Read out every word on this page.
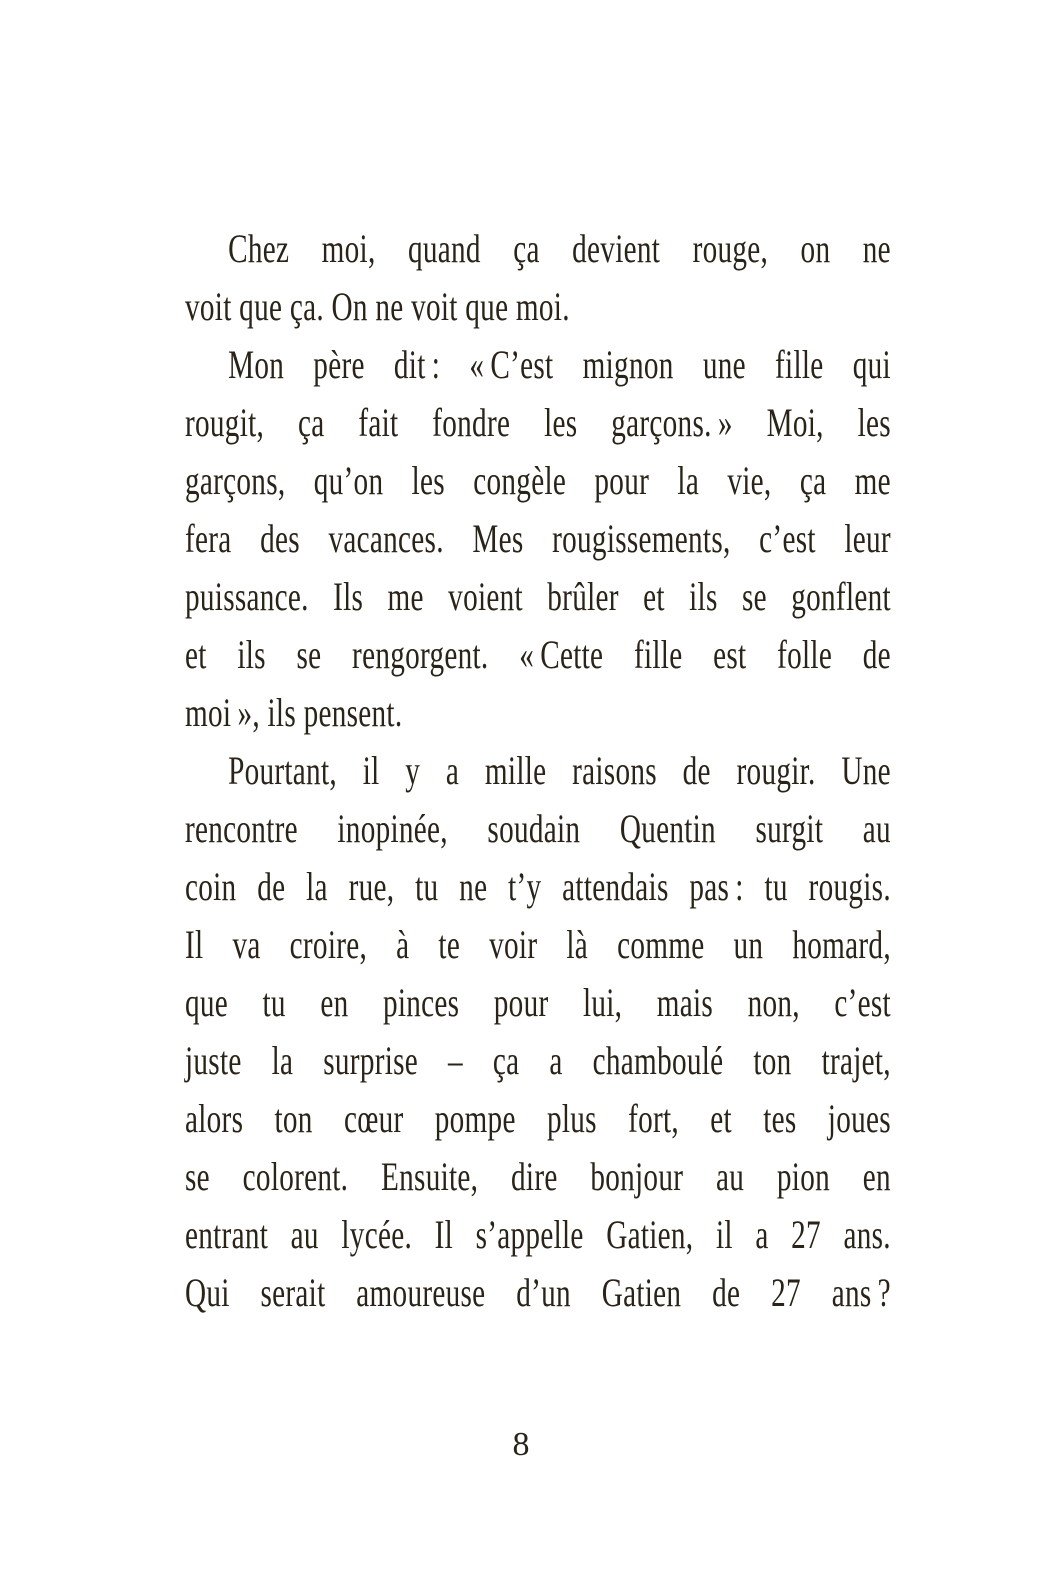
Chez moi, quand ça devient rouge, on ne
voit que ça. On ne voit que moi.
Mon père dit : « C’est mignon une fille qui
rougit, ça fait fondre les garçons. » Moi, les
garçons, qu’on les congèle pour la vie, ça me
fera des vacances. Mes rougissements, c’est leur
puissance. Ils me voient brûler et ils se gonflent
et ils se rengorgent. « Cette fille est folle de
moi », ils pensent.
Pourtant, il y a mille raisons de rougir. Une
rencontre inopinée, soudain Quentin surgit au
coin de la rue, tu ne t’y attendais pas : tu rougis.
Il va croire, à te voir là comme un homard,
que tu en pinces pour lui, mais non, c’est
juste la surprise – ça a chamboulé ton trajet,
alors ton cœur pompe plus fort, et tes joues
se colorent. Ensuite, dire bonjour au pion en
entrant au lycée. Il s’appelle Gatien, il a 27 ans.
Qui serait amoureuse d’un Gatien de 27 ans ?
8
